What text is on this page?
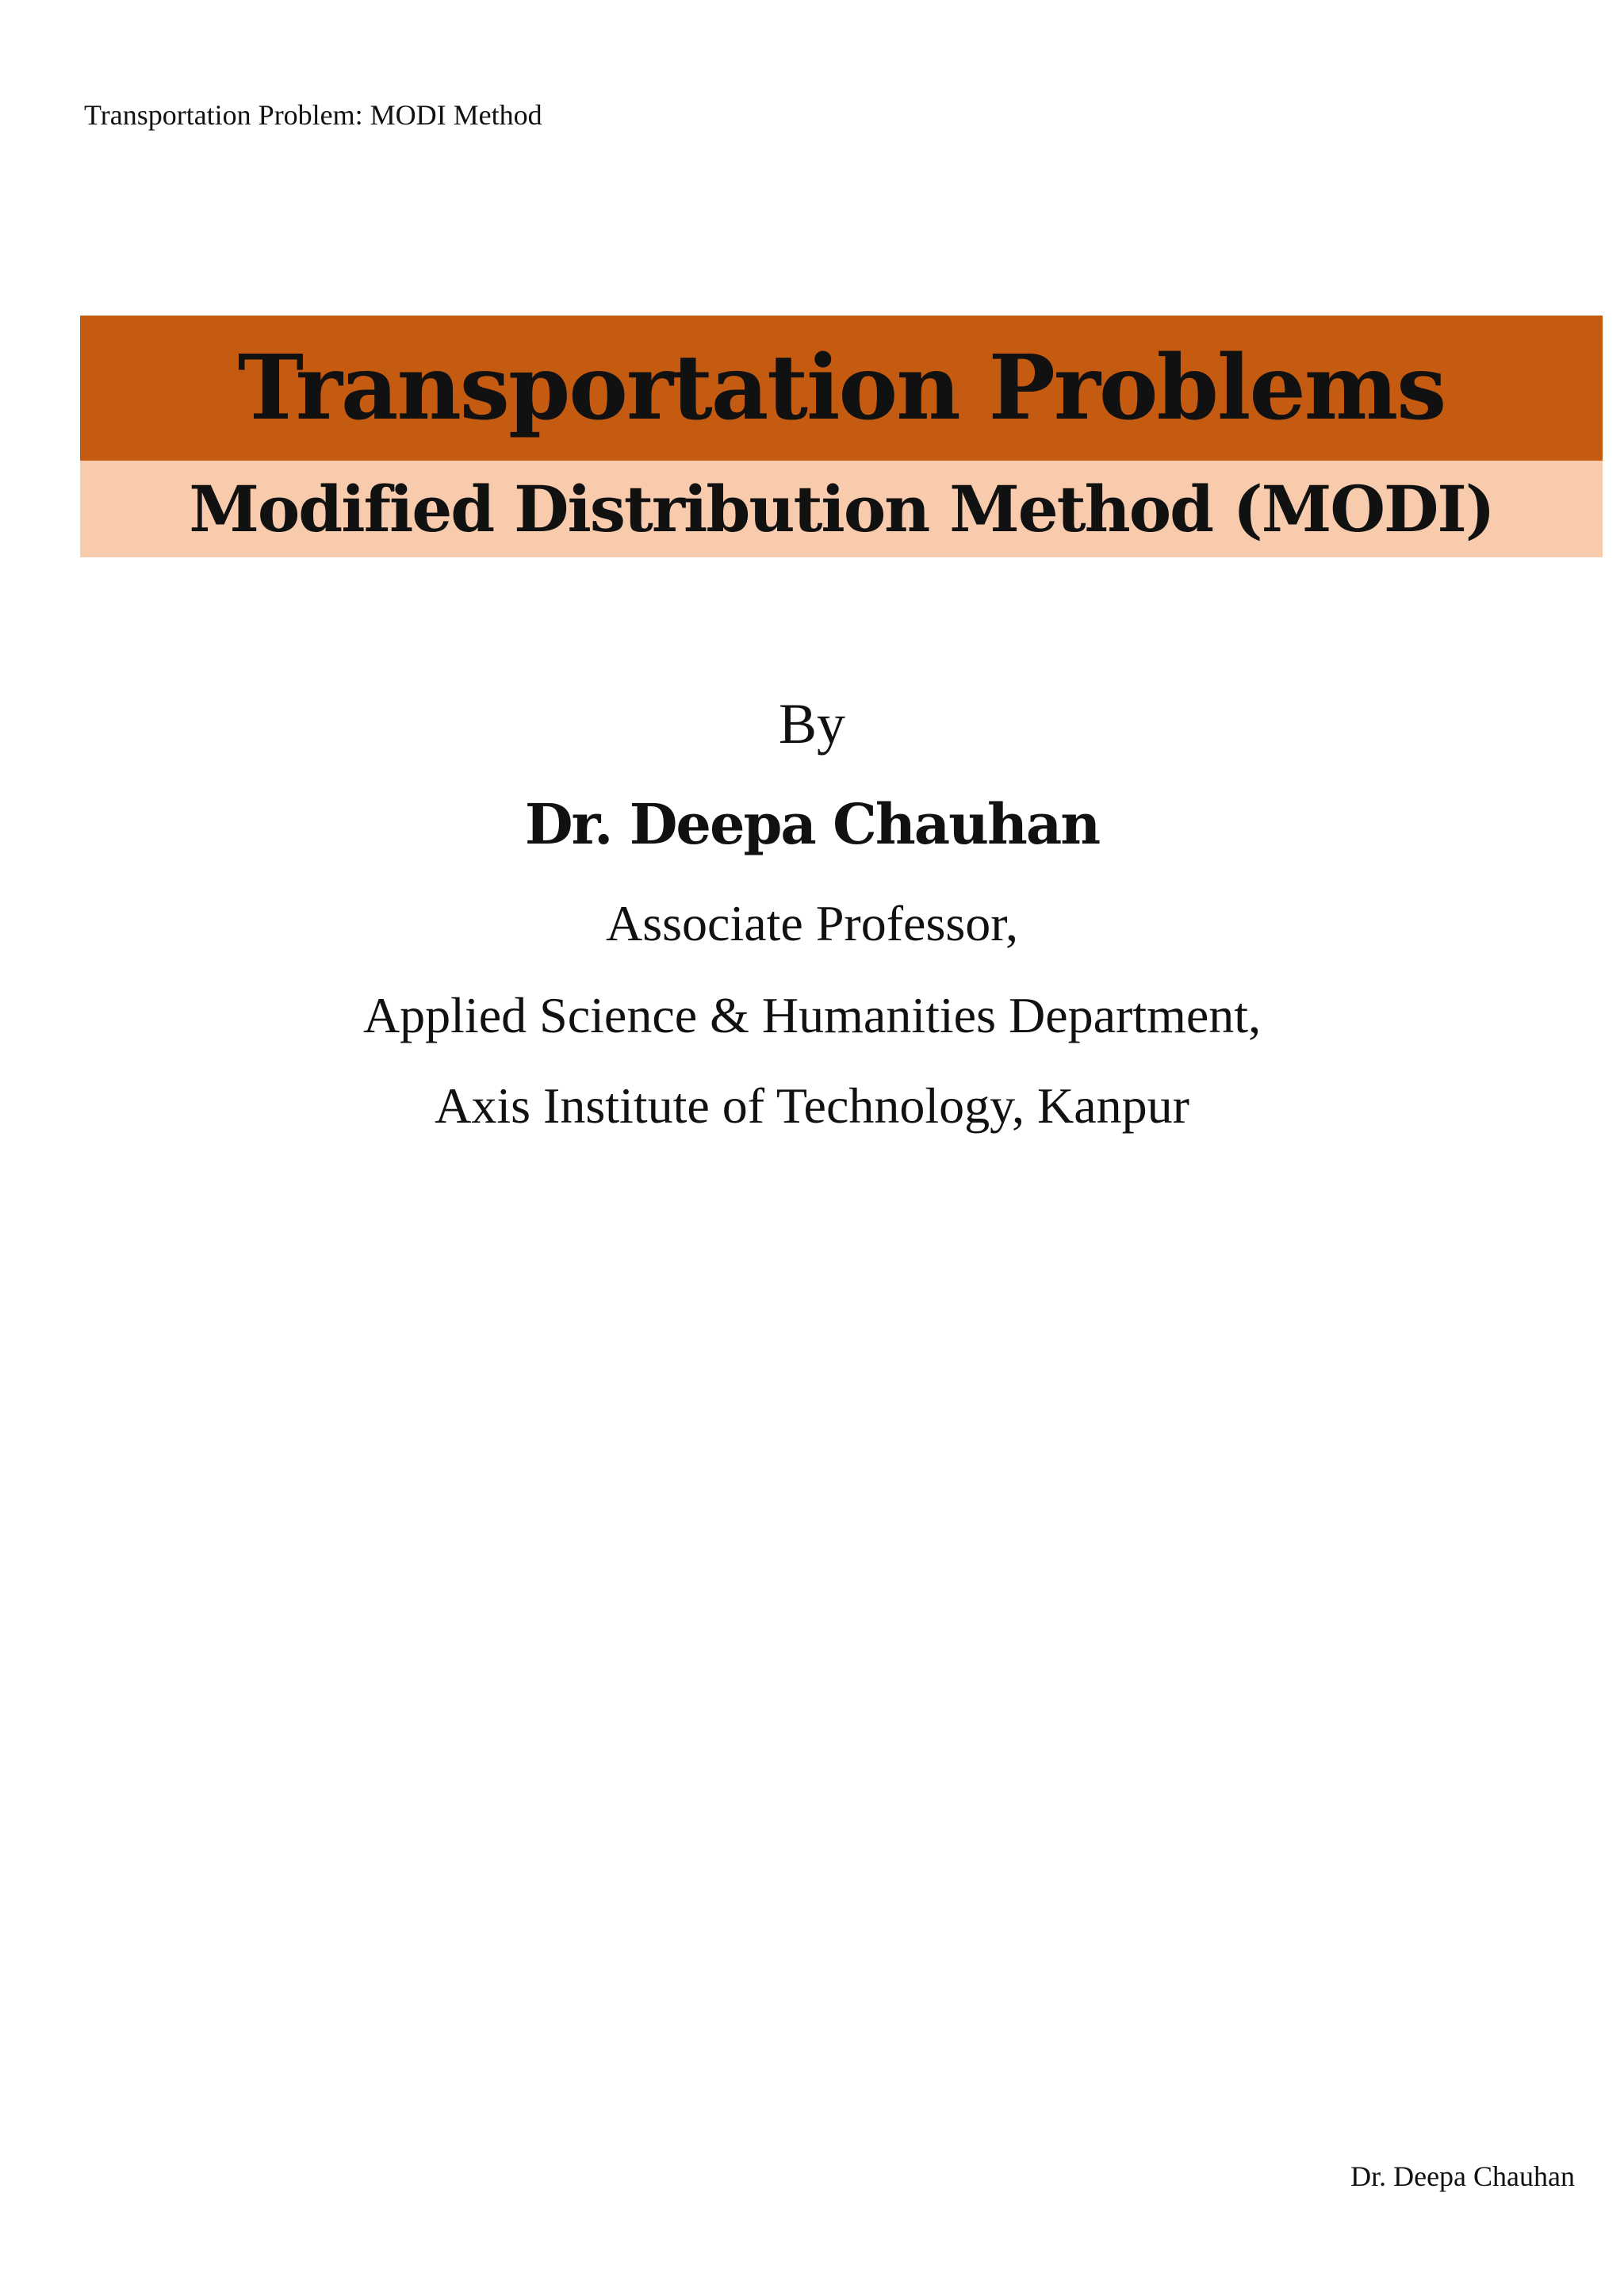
Transportation Problem: MODI Method
Transportation Problems
Modified Distribution Method (MODI)
By
Dr. Deepa Chauhan
Associate Professor,
Applied Science & Humanities Department,
Axis Institute of Technology, Kanpur
Dr. Deepa Chauhan
